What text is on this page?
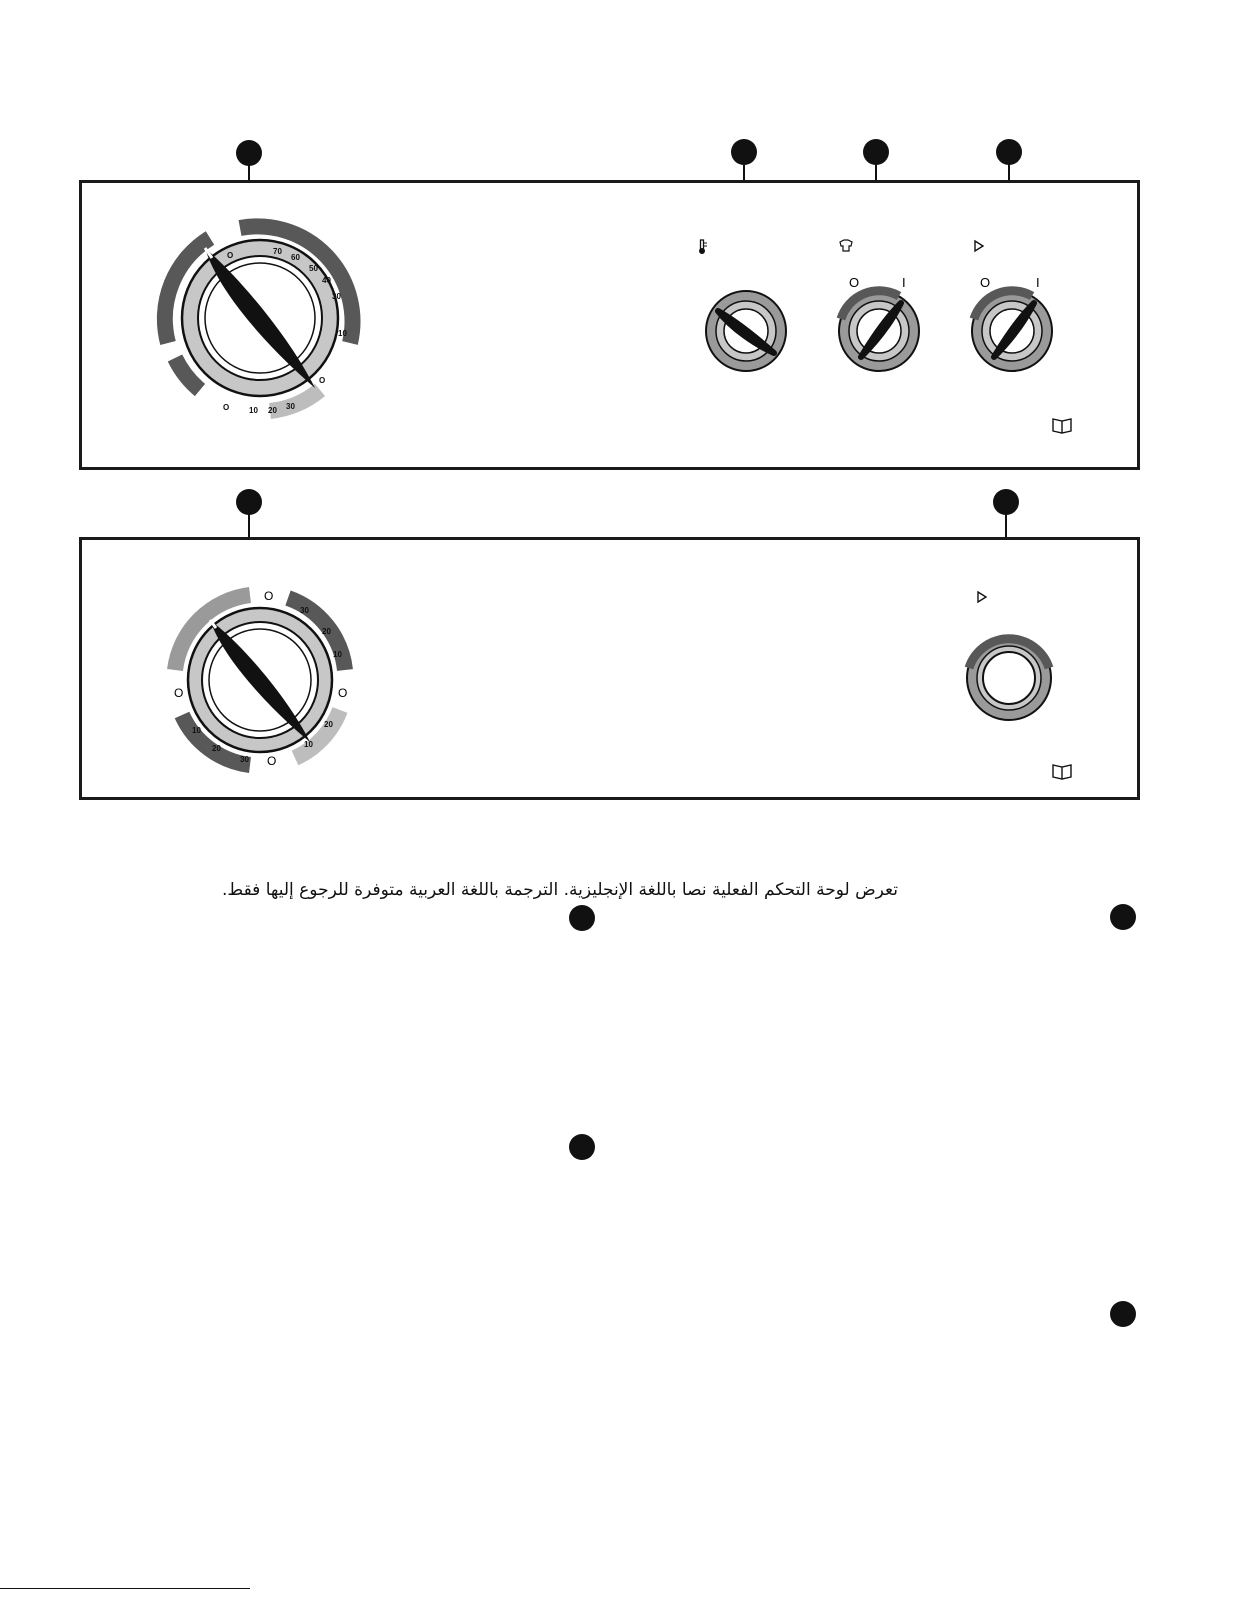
O
O
O
70
60
50
40
30
10
10 20 30
O	I	O	I
O
O
O
O
30
20
10
20
10
10
20
30
تعرض لوحة التحكم الفعلية نصا باللغة الإنجليزية. الترجمة باللغة العربية متوفرة للرجوع إليها فقط.
